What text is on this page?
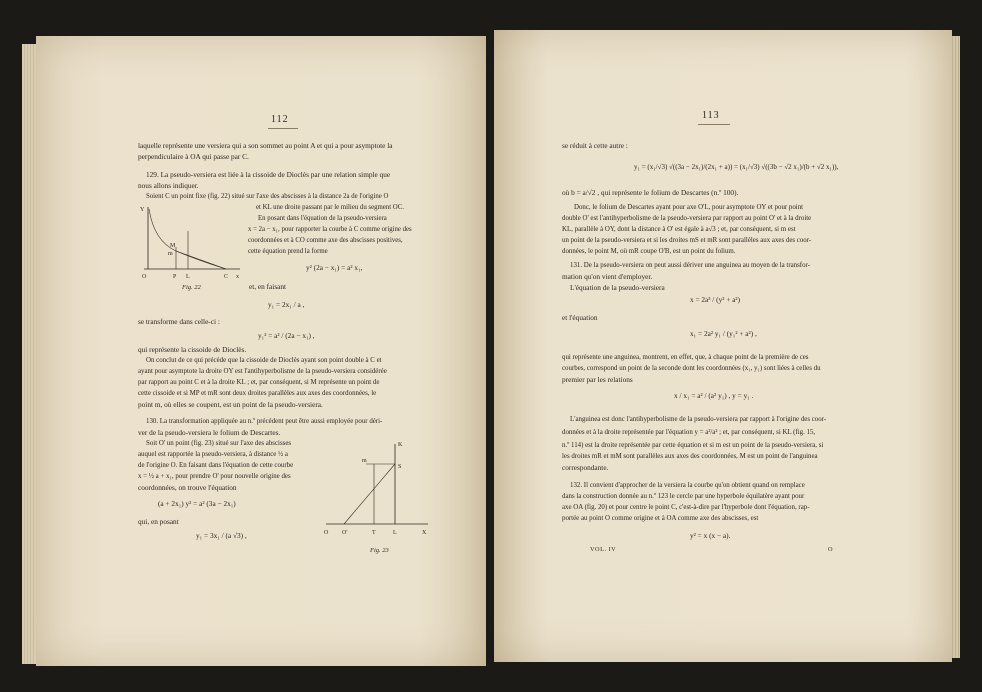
112
laquelle représente une versiera qui a son sommet au point A et qui a pour asymptote la
perpendiculaire à OA qui passe par C.
129. La pseudo-versiera est liée à la cissoide de Dioclès par une relation simple que
nous allons indiquer.
Soient C un point fixe (fig. 22) situé sur l'axe des abscisses à la distance 2a de l'origine O
et KL une droite passant par le milieu du segment OC.
En posant dans l'équation de la pseudo-versiera
x = 2a − x₁, pour rapporter la courbe à C comme origine des
coordonnées et à CO comme axe des abscisses positives,
cette équation prend la forme
y² (2a − x₁) = a² x₁,
et, en faisant
y₁ = 2x₁ / a ,
se transforme dans celle-ci :
y₁² = a² / (2a − x₁) ,
qui représente la cissoide de Dioclès.
On conclut de ce qui précède que la cissoide de Dioclès ayant son point double à C et
ayant pour asymptote la droite OY est l'antihyperbolisme de la pseudo-versiera considérée
par rapport au point C et à la droite KL ; et, par conséquent, si M représente un point de
cette cissoide et si MP et mR sont deux droites parallèles aux axes des coordonnées, le
point m, où elles se coupent, est un point de la pseudo-versiera.
130. La transformation appliquée au n.º précédent peut être aussi employée pour déri-
ver de la pseudo-versiera le folium de Descartes.
Soit O' un point (fig. 23) situé sur l'axe des abscisses
auquel est rapportée la pseudo-versiera, à distance ½ a
de l'origine O. En faisant dans l'équation de cette courbe
x = ½ a + x₁, pour prendre O' pour nouvelle origine des
coordonnées, on trouve l'équation
(a + 2x₁) y² = a² (3a − 2x₁)
qui, en posant
y₁ = 3x₁ / (a √3) ,
Y
M
m
O	P L	C x
Fig. 22
K
S
m
O O'	T	L	X
Fig. 23
113
se réduit à cette autre :
y₁ = (x₁/√3) √((3a − 2x₁)/(2x₁ + a)) = (x₁/√3) √((3b − √2 x₁)/(b + √2 x₁)),
où b = a/√2 , qui représente le folium de Descartes (n.º 100).
Donc, le folium de Descartes ayant pour axe O'L, pour asymptote OY et pour point
double O' est l'antihyperbolisme de la pseudo-versiera par rapport au point O' et à la droite
KL, parallèle à OY, dont la distance à O' est égale à a√3 ; et, par conséquent, si m est
un point de la pseudo-versiera et si les droites mS et mR sont parallèles aux axes des coor-
données, le point M, où mR coupe O'B, est un point du folium.
131. De la pseudo-versiera on peut aussi dériver une anguinea au moyen de la transfor-
mation qu'on vient d'employer.
L'équation de la pseudo-versiera
x = 2a³ / (y² + a²)
et l'équation
x₁ = 2a² y₁ / (y₁² + a²) ,
qui représente une anguinea, montrent, en effet, que, à chaque point de la première de ces
courbes, correspond un point de la seconde dont les coordonnées (x₁, y₁) sont liées à celles du
premier par les relations
x / x₁ = a² / (a² y₁) , y = y₁ .
L'anguinea est donc l'antihyperbolisme de la pseudo-versiera par rapport à l'origine des coor-
données et à la droite représentée par l'équation y = a²/a² ; et, par conséquent, si KL (fig. 15,
n.º 114) est la droite représentée par cette équation et si m est un point de la pseudo-versiera, si
les droites mR et mM sont parallèles aux axes des coordonnées, M est un point de l'anguinea
correspondante.
132. Il convient d'approcher de la versiera la courbe qu'on obtient quand on remplace
dans la construction donnée au n.º 123 le cercle par une hyperbole équilatère ayant pour
axe OA (fig. 20) et pour centre le point C, c'est-à-dire par l'hyperbole dont l'équation, rap-
portée au point O comme origine et à OA comme axe des abscisses, est
y² = x (x − a).
VOL. IV	O
